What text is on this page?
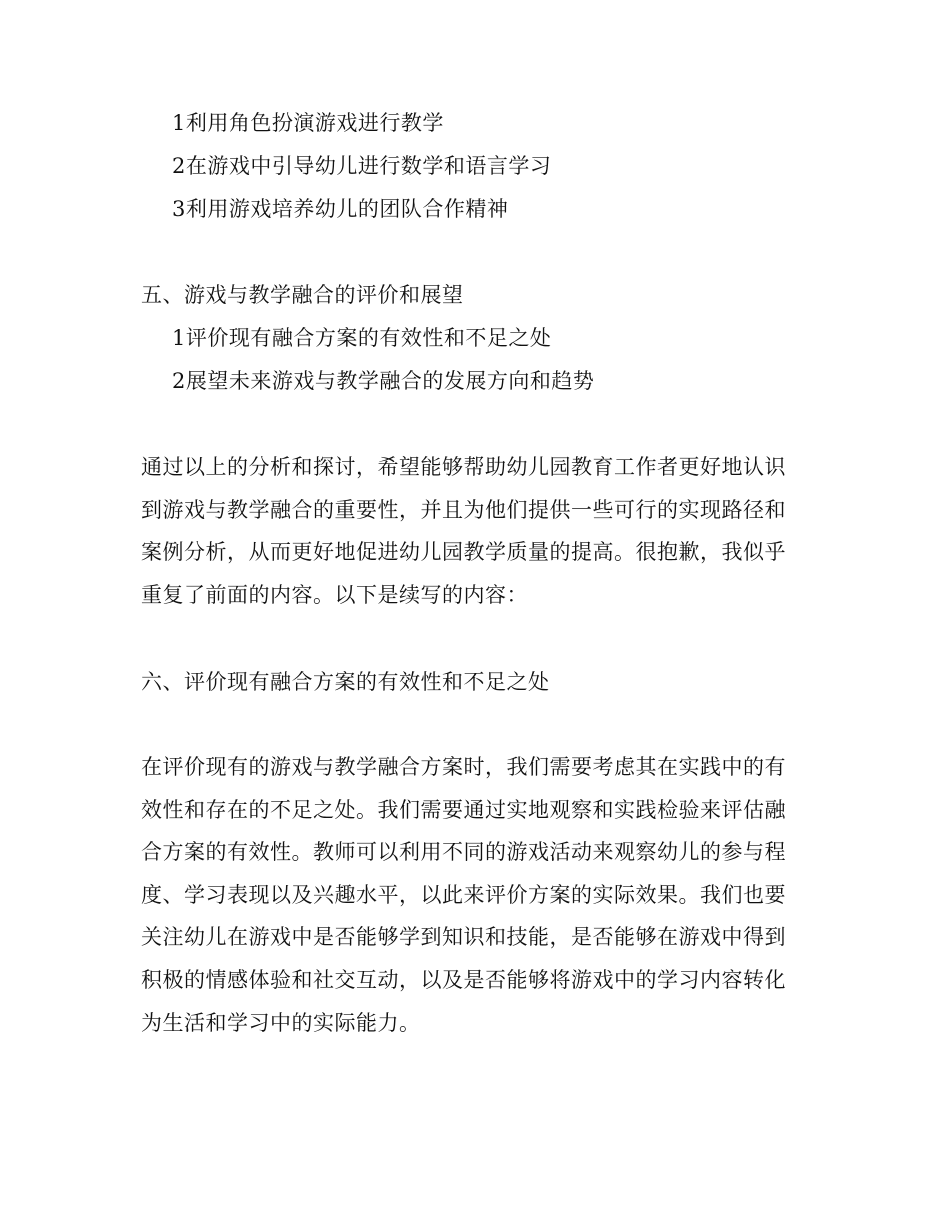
1利用角色扮演游戏进行教学
2在游戏中引导幼儿进行数学和语言学习
3利用游戏培养幼儿的团队合作精神
五、游戏与教学融合的评价和展望
1评价现有融合方案的有效性和不足之处
2展望未来游戏与教学融合的发展方向和趋势
通过以上的分析和探讨，希望能够帮助幼儿园教育工作者更好地认识
到游戏与教学融合的重要性，并且为他们提供一些可行的实现路径和
案例分析，从而更好地促进幼儿园教学质量的提高。很抱歉，我似乎
重复了前面的内容。以下是续写的内容：
六、评价现有融合方案的有效性和不足之处
在评价现有的游戏与教学融合方案时，我们需要考虑其在实践中的有
效性和存在的不足之处。我们需要通过实地观察和实践检验来评估融
合方案的有效性。教师可以利用不同的游戏活动来观察幼儿的参与程
度、学习表现以及兴趣水平，以此来评价方案的实际效果。我们也要
关注幼儿在游戏中是否能够学到知识和技能，是否能够在游戏中得到
积极的情感体验和社交互动，以及是否能够将游戏中的学习内容转化
为生活和学习中的实际能力。
